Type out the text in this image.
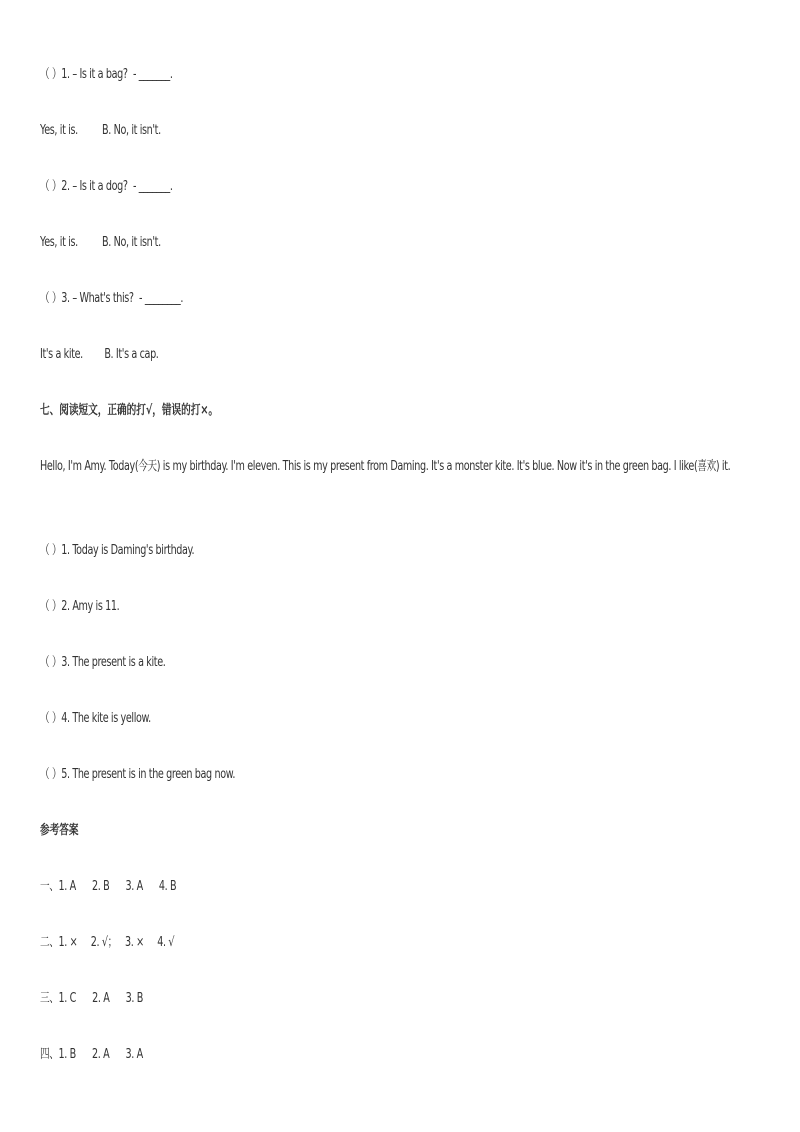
（ ）1. – Is it a bag?  - _______.
Yes, it is.         B. No, it isn't.
（ ）2. – Is it a dog?  - _______.
Yes, it is.         B. No, it isn't.
（ ）3. – What's this?  - ________.
It's a kite.        B. It's a cap.
七、阅读短文，正确的打√，错误的打×。
Hello, I'm Amy. Today(今天) is my birthday. I'm eleven. This is my present from Daming. It's a monster kite. It's blue. Now it's in the green bag. I like(喜欢) it.
（ ）1. Today is Daming's birthday.
（ ）2. Amy is 11.
（ ）3. The present is a kite.
（ ）4. The kite is yellow.
（ ）5. The present is in the green bag now.
参考答案
一、1. A      2. B      3. A      4. B
二、1. ×     2. √；   3. ×     4. √
三、1. C      2. A      3. B
四、1. B      2. A      3. A
